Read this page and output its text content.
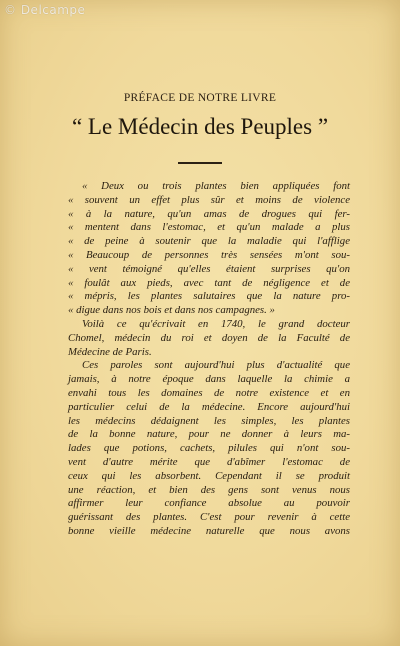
© Delcampe
PRÉFACE DE NOTRE LIVRE
“ Le Médecin des Peuples ”
« Deux ou trois plantes bien appliquées font
« souvent un effet plus sûr et moins de violence
« à la nature, qu'un amas de drogues qui fer-
« mentent dans l'estomac, et qu'un malade a plus
« de peine à soutenir que la maladie qui l'afflige
« Beaucoup de personnes très sensées m'ont sou-
« vent témoigné qu'elles étaient surprises qu'on
« foulât aux pieds, avec tant de négligence et de
« mépris, les plantes salutaires que la nature pro-
« digue dans nos bois et dans nos campagnes. »
Voilà ce qu'écrivait en 1740, le grand docteur
Chomel, médecin du roi et doyen de la Faculté de
Médecine de Paris.
Ces paroles sont aujourd'hui plus d'actualité que
jamais, à notre époque dans laquelle la chimie a
envahi tous les domaines de notre existence et en
particulier celui de la médecine. Encore aujourd'hui
les médecins dédaignent les simples, les plantes
de la bonne nature, pour ne donner à leurs ma-
lades que potions, cachets, pilules qui n'ont sou-
vent d'autre mérite que d'abîmer l'estomac de
ceux qui les absorbent. Cependant il se produit
une réaction, et bien des gens sont venus nous
affirmer leur confiance absolue au pouvoir
guérissant des plantes. C'est pour revenir à cette
bonne vieille médecine naturelle que nous avons
